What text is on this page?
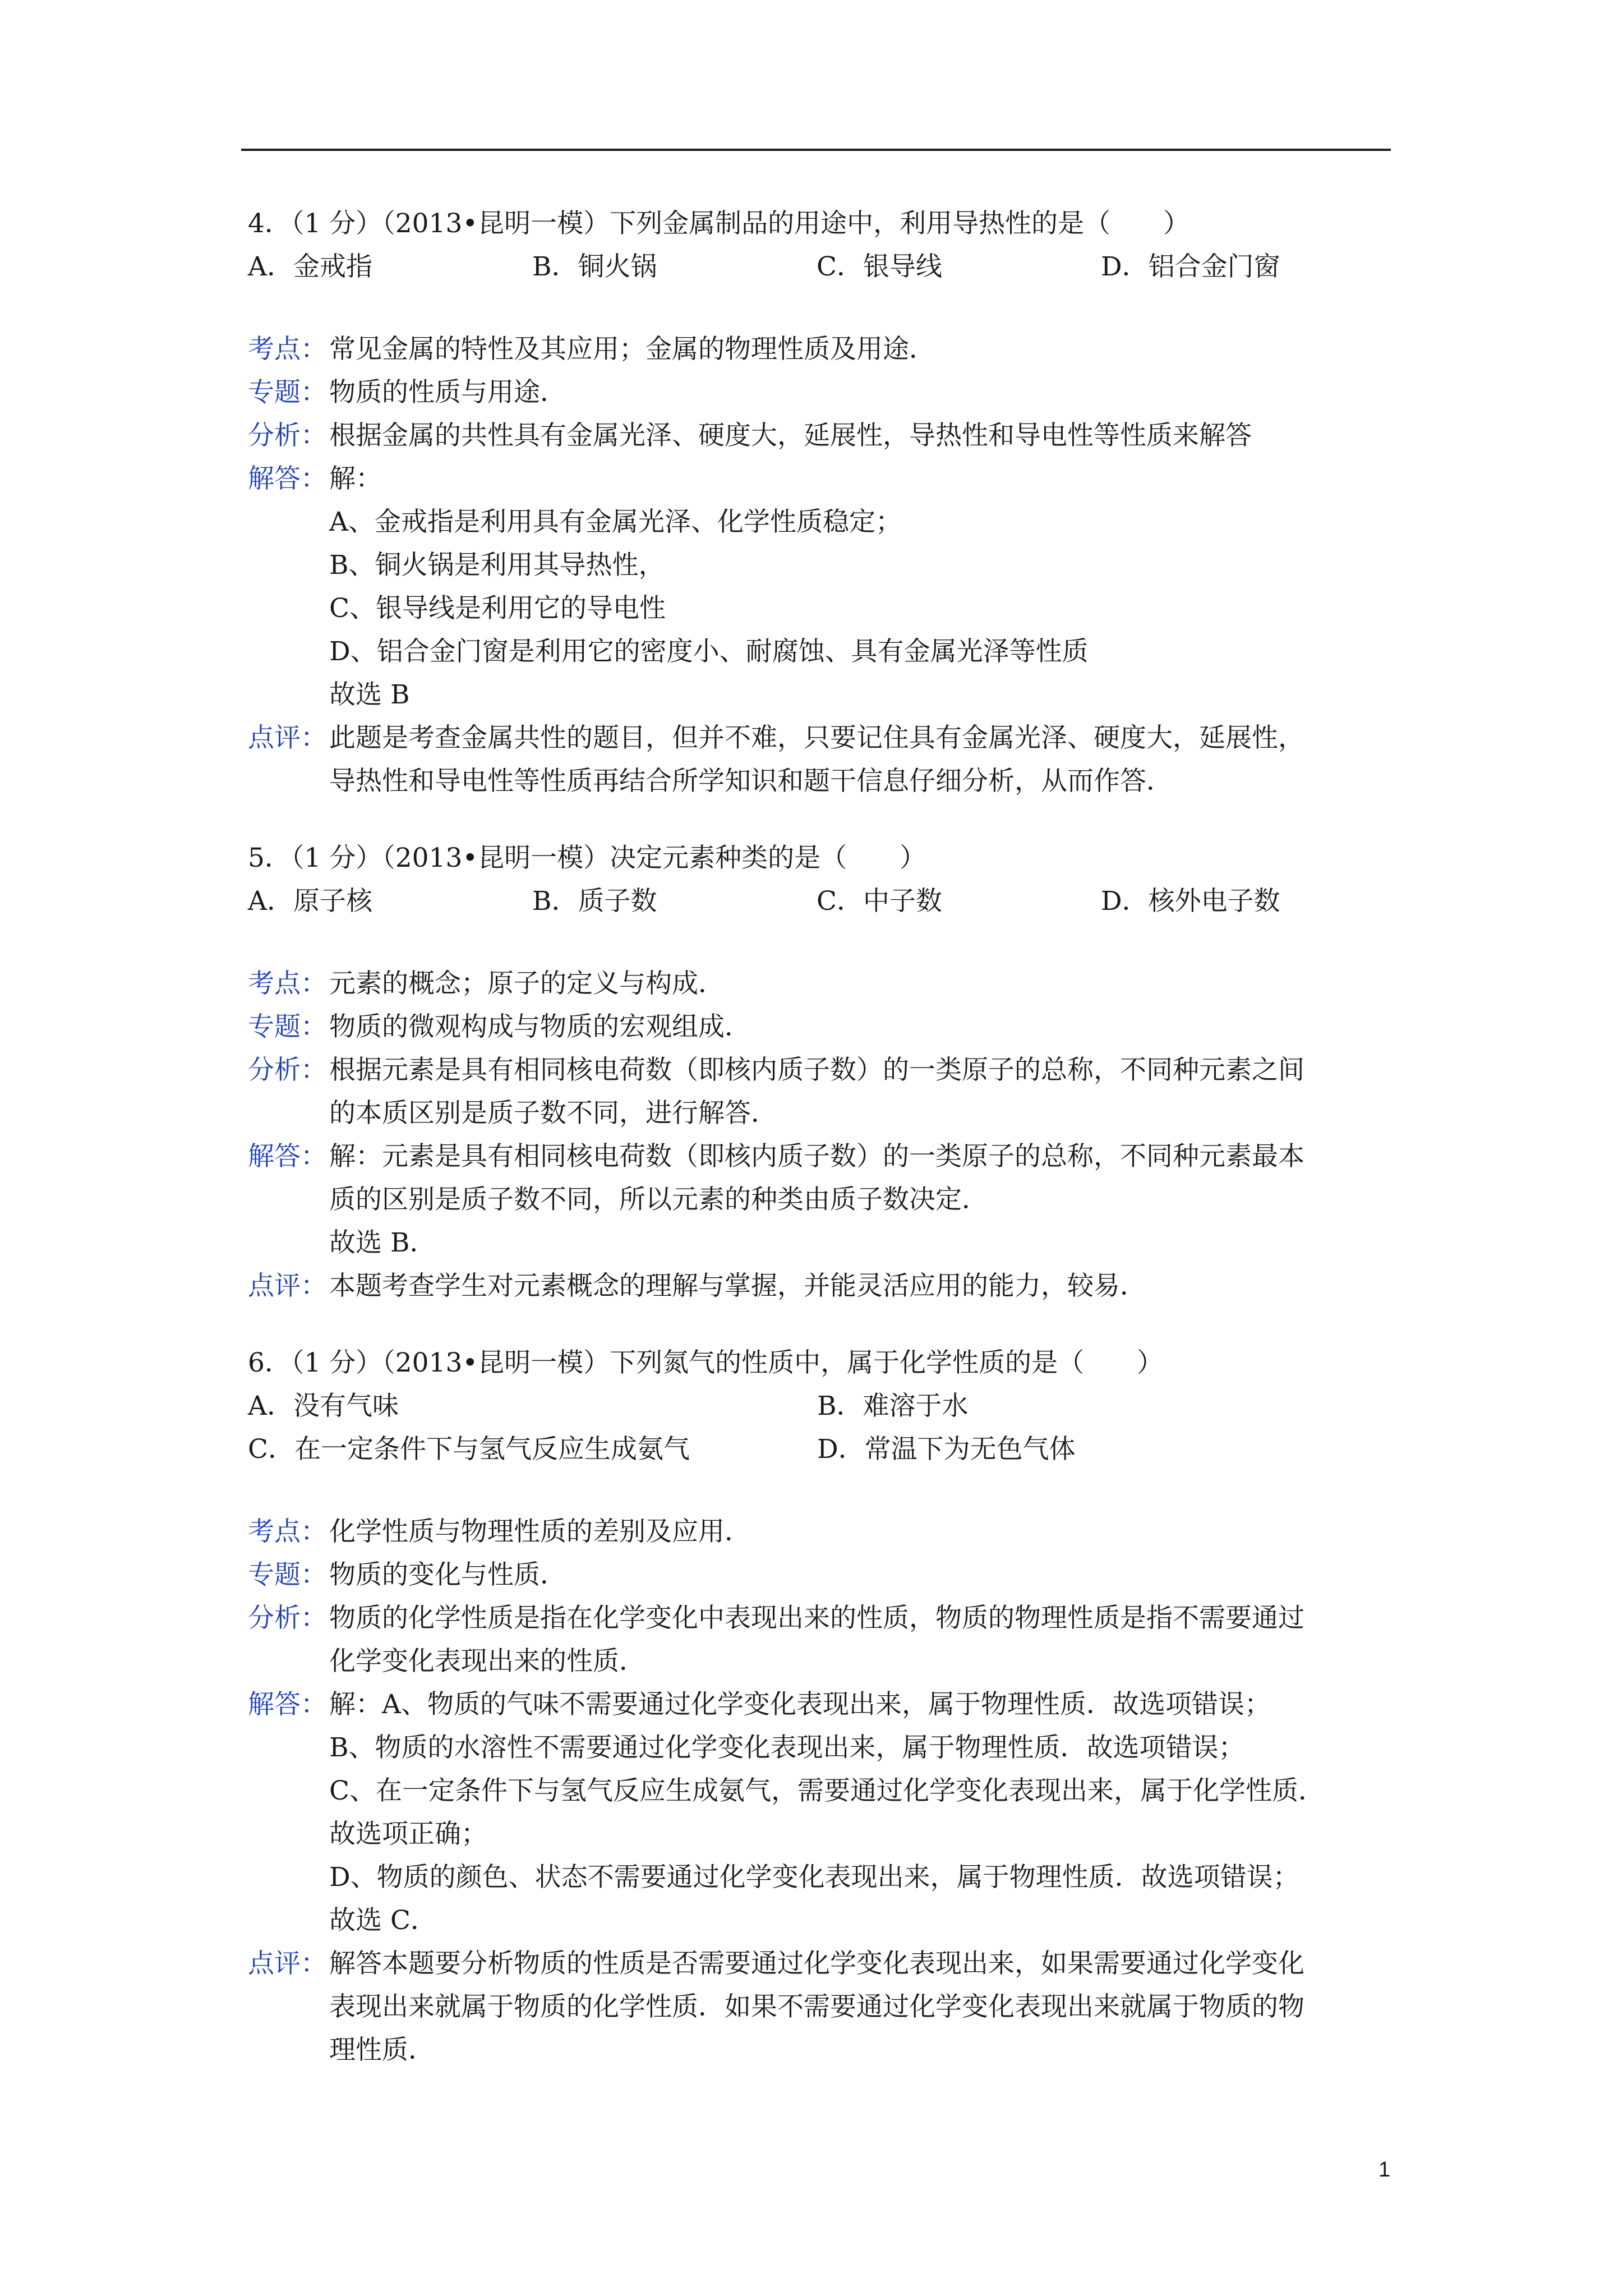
4．（1 分）（2013•昆明一模）下列金属制品的用途中，利用导热性的是（　　）
A．金戒指	B．铜火锅	C．银导线	D．铝合金门窗
考点： 常见金属的特性及其应用；金属的物理性质及用途．
专题： 物质的性质与用途．
分析： 根据金属的共性具有金属光泽、硬度大，延展性，导热性和导电性等性质来解答
解答： 解：
A、金戒指是利用具有金属光泽、化学性质稳定；
B、铜火锅是利用其导热性，
C、银导线是利用它的导电性
D、铝合金门窗是利用它的密度小、耐腐蚀、具有金属光泽等性质
故选 B
点评： 此题是考查金属共性的题目，但并不难，只要记住具有金属光泽、硬度大，延展性，
导热性和导电性等性质再结合所学知识和题干信息仔细分析，从而作答．
5．（1 分）（2013•昆明一模）决定元素种类的是（　　）
A．原子核	B．质子数	C．中子数	D．核外电子数
考点： 元素的概念；原子的定义与构成．
专题： 物质的微观构成与物质的宏观组成．
分析： 根据元素是具有相同核电荷数（即核内质子数）的一类原子的总称，不同种元素之间
的本质区别是质子数不同，进行解答．
解答： 解：元素是具有相同核电荷数（即核内质子数）的一类原子的总称，不同种元素最本
质的区别是质子数不同，所以元素的种类由质子数决定．
故选 B．
点评： 本题考查学生对元素概念的理解与掌握，并能灵活应用的能力，较易．
6．（1 分）（2013•昆明一模）下列氮气的性质中，属于化学性质的是（　　）
A．没有气味	B．难溶于水
C．在一定条件下与氢气反应生成氨气	D．常温下为无色气体
考点： 化学性质与物理性质的差别及应用．
专题： 物质的变化与性质．
分析： 物质的化学性质是指在化学变化中表现出来的性质，物质的物理性质是指不需要通过
化学变化表现出来的性质．
解答： 解：A、物质的气味不需要通过化学变化表现出来，属于物理性质．故选项错误；
B、物质的水溶性不需要通过化学变化表现出来，属于物理性质．故选项错误；
C、在一定条件下与氢气反应生成氨气，需要通过化学变化表现出来，属于化学性质．
故选项正确；
D、物质的颜色、状态不需要通过化学变化表现出来，属于物理性质．故选项错误；
故选 C．
点评： 解答本题要分析物质的性质是否需要通过化学变化表现出来，如果需要通过化学变化
表现出来就属于物质的化学性质．如果不需要通过化学变化表现出来就属于物质的物
理性质．
1
